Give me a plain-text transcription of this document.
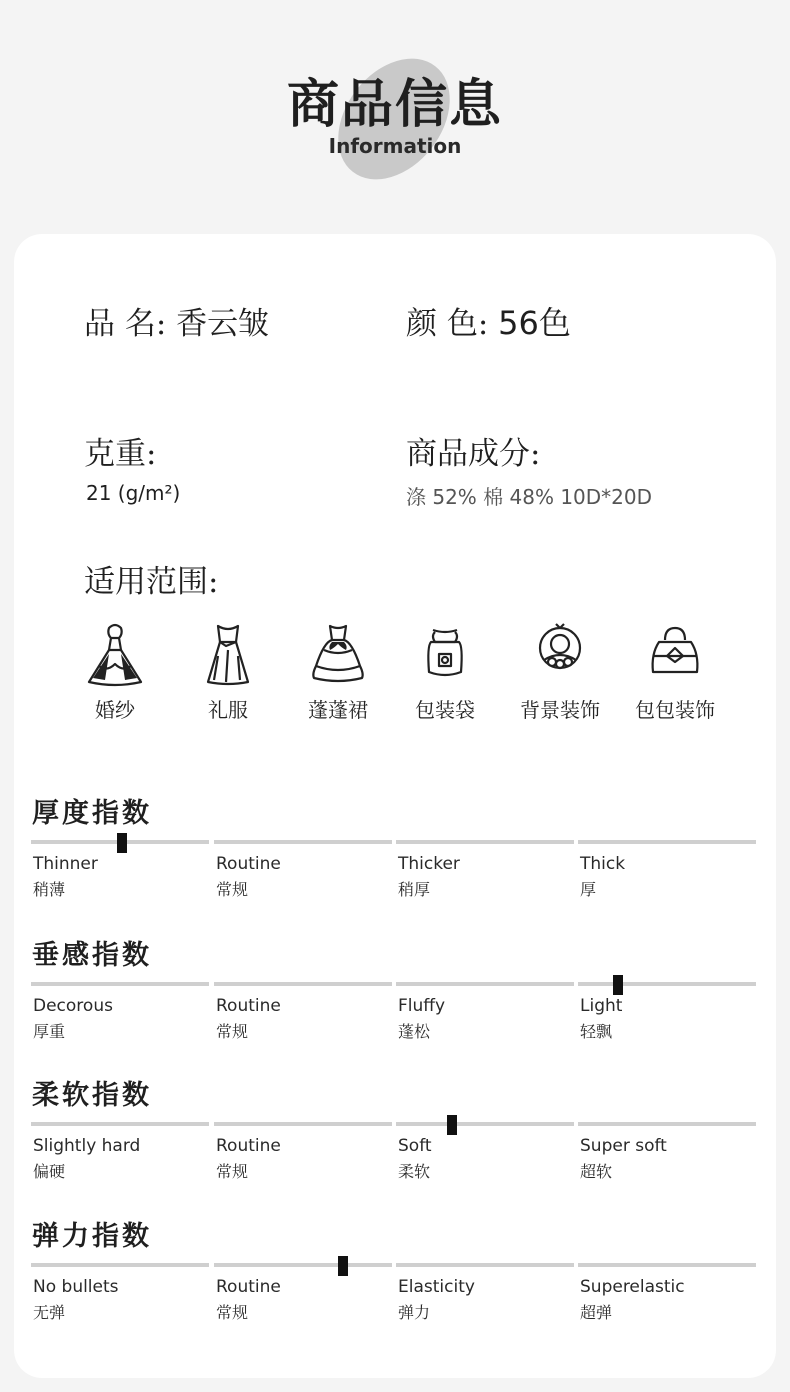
商品信息
Information
品 名: 香云皱	颜 色: 56色
克重:
21 (g/m²)
商品成分:
涤 52% 棉 48% 10D*20D
适用范围:
婚纱	礼服	蓬蓬裙	包装袋	背景装饰	包包装饰
厚度指数
Thinner
稍薄
Routine
常规
Thicker
稍厚
Thick
厚
垂感指数
Decorous
厚重
Routine
常规
Fluffy
蓬松
Light
轻飘
柔软指数
Slightly hard
偏硬
Routine
常规
Soft
柔软
Super soft
超软
弹力指数
No bullets
无弹
Routine
常规
Elasticity
弹力
Superelastic
超弹
